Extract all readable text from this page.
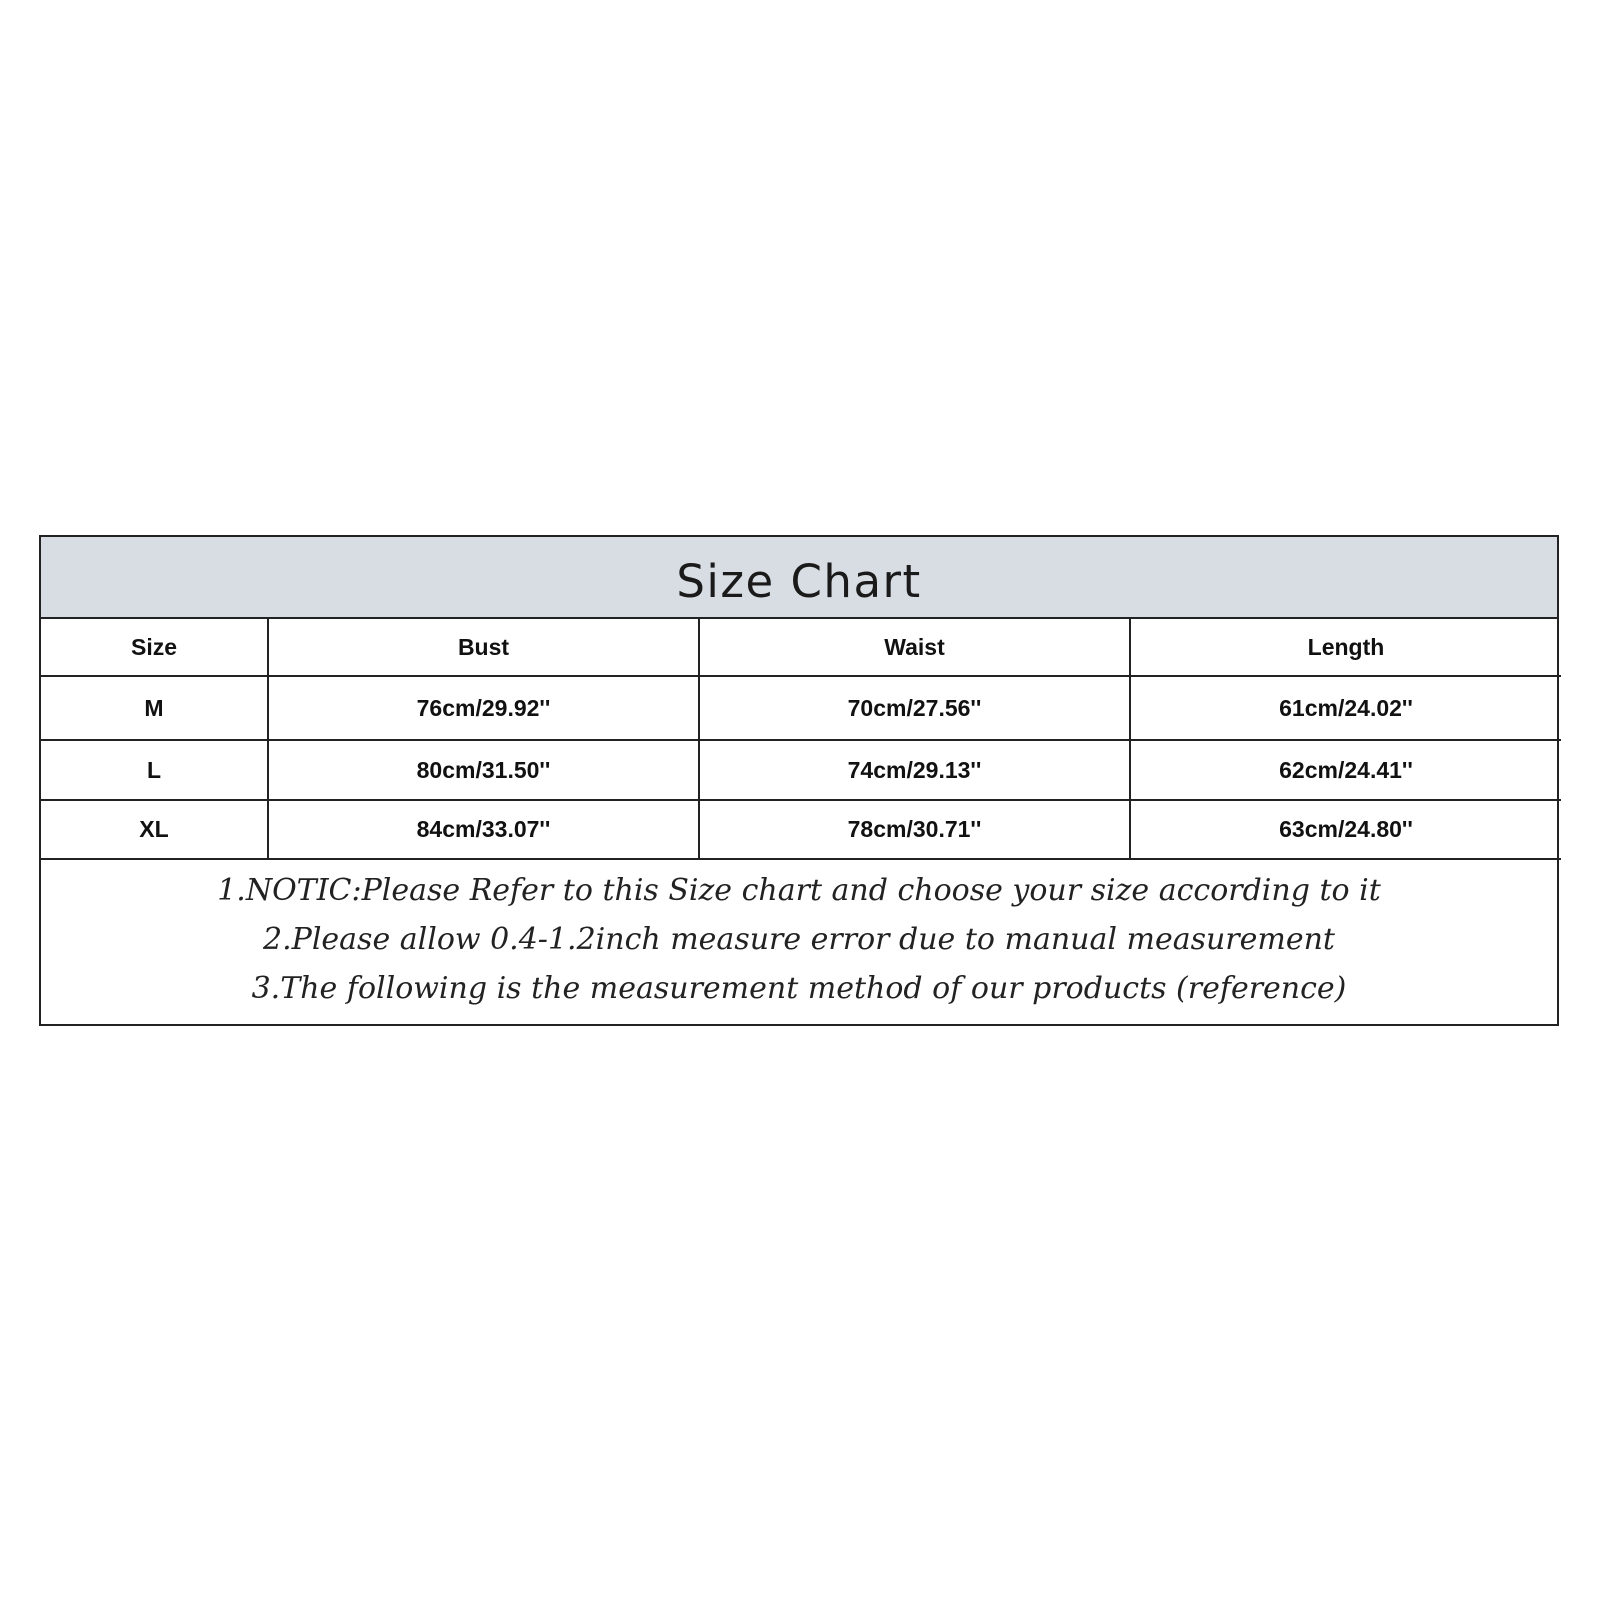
Size Chart
Size	Bust	Waist	Length
M	76cm/29.92''	70cm/27.56''	61cm/24.02''
L	80cm/31.50''	74cm/29.13''	62cm/24.41''
XL	84cm/33.07''	78cm/30.71''	63cm/24.80''
1.NOTIC:Please Refer to this Size chart and choose your size according to it
2.Please allow 0.4-1.2inch measure error due to manual measurement
3.The following is the measurement method of our products (reference)
